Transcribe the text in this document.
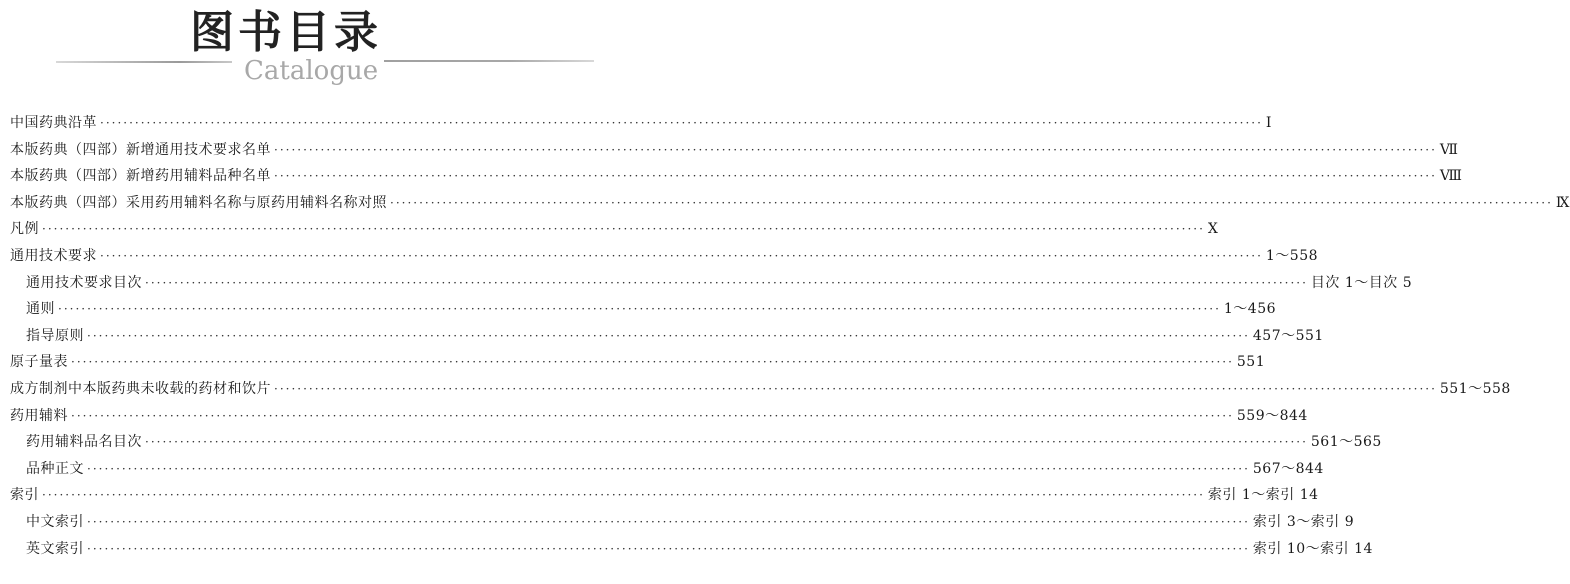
图书目录
Catalogue
中国药典沿革 ········································································································································································································ Ⅰ
本版药典（四部）新增通用技术要求名单 ········································································································································································································ Ⅶ
本版药典（四部）新增药用辅料品种名单 ········································································································································································································ Ⅷ
本版药典（四部）采用药用辅料名称与原药用辅料名称对照 ········································································································································································································ Ⅸ
凡例 ········································································································································································································ Ⅹ
通用技术要求 ········································································································································································································ 1～558
通用技术要求目次 ········································································································································································································ 目次 1～目次 5
通则 ········································································································································································································ 1～456
指导原则 ········································································································································································································ 457～551
原子量表 ········································································································································································································ 551
成方制剂中本版药典未收载的药材和饮片 ········································································································································································································ 551～558
药用辅料 ········································································································································································································ 559～844
药用辅料品名目次 ········································································································································································································ 561～565
品种正文 ········································································································································································································ 567～844
索引 ········································································································································································································ 索引 1～索引 14
中文索引 ········································································································································································································ 索引 3～索引 9
英文索引 ········································································································································································································ 索引 10～索引 14
